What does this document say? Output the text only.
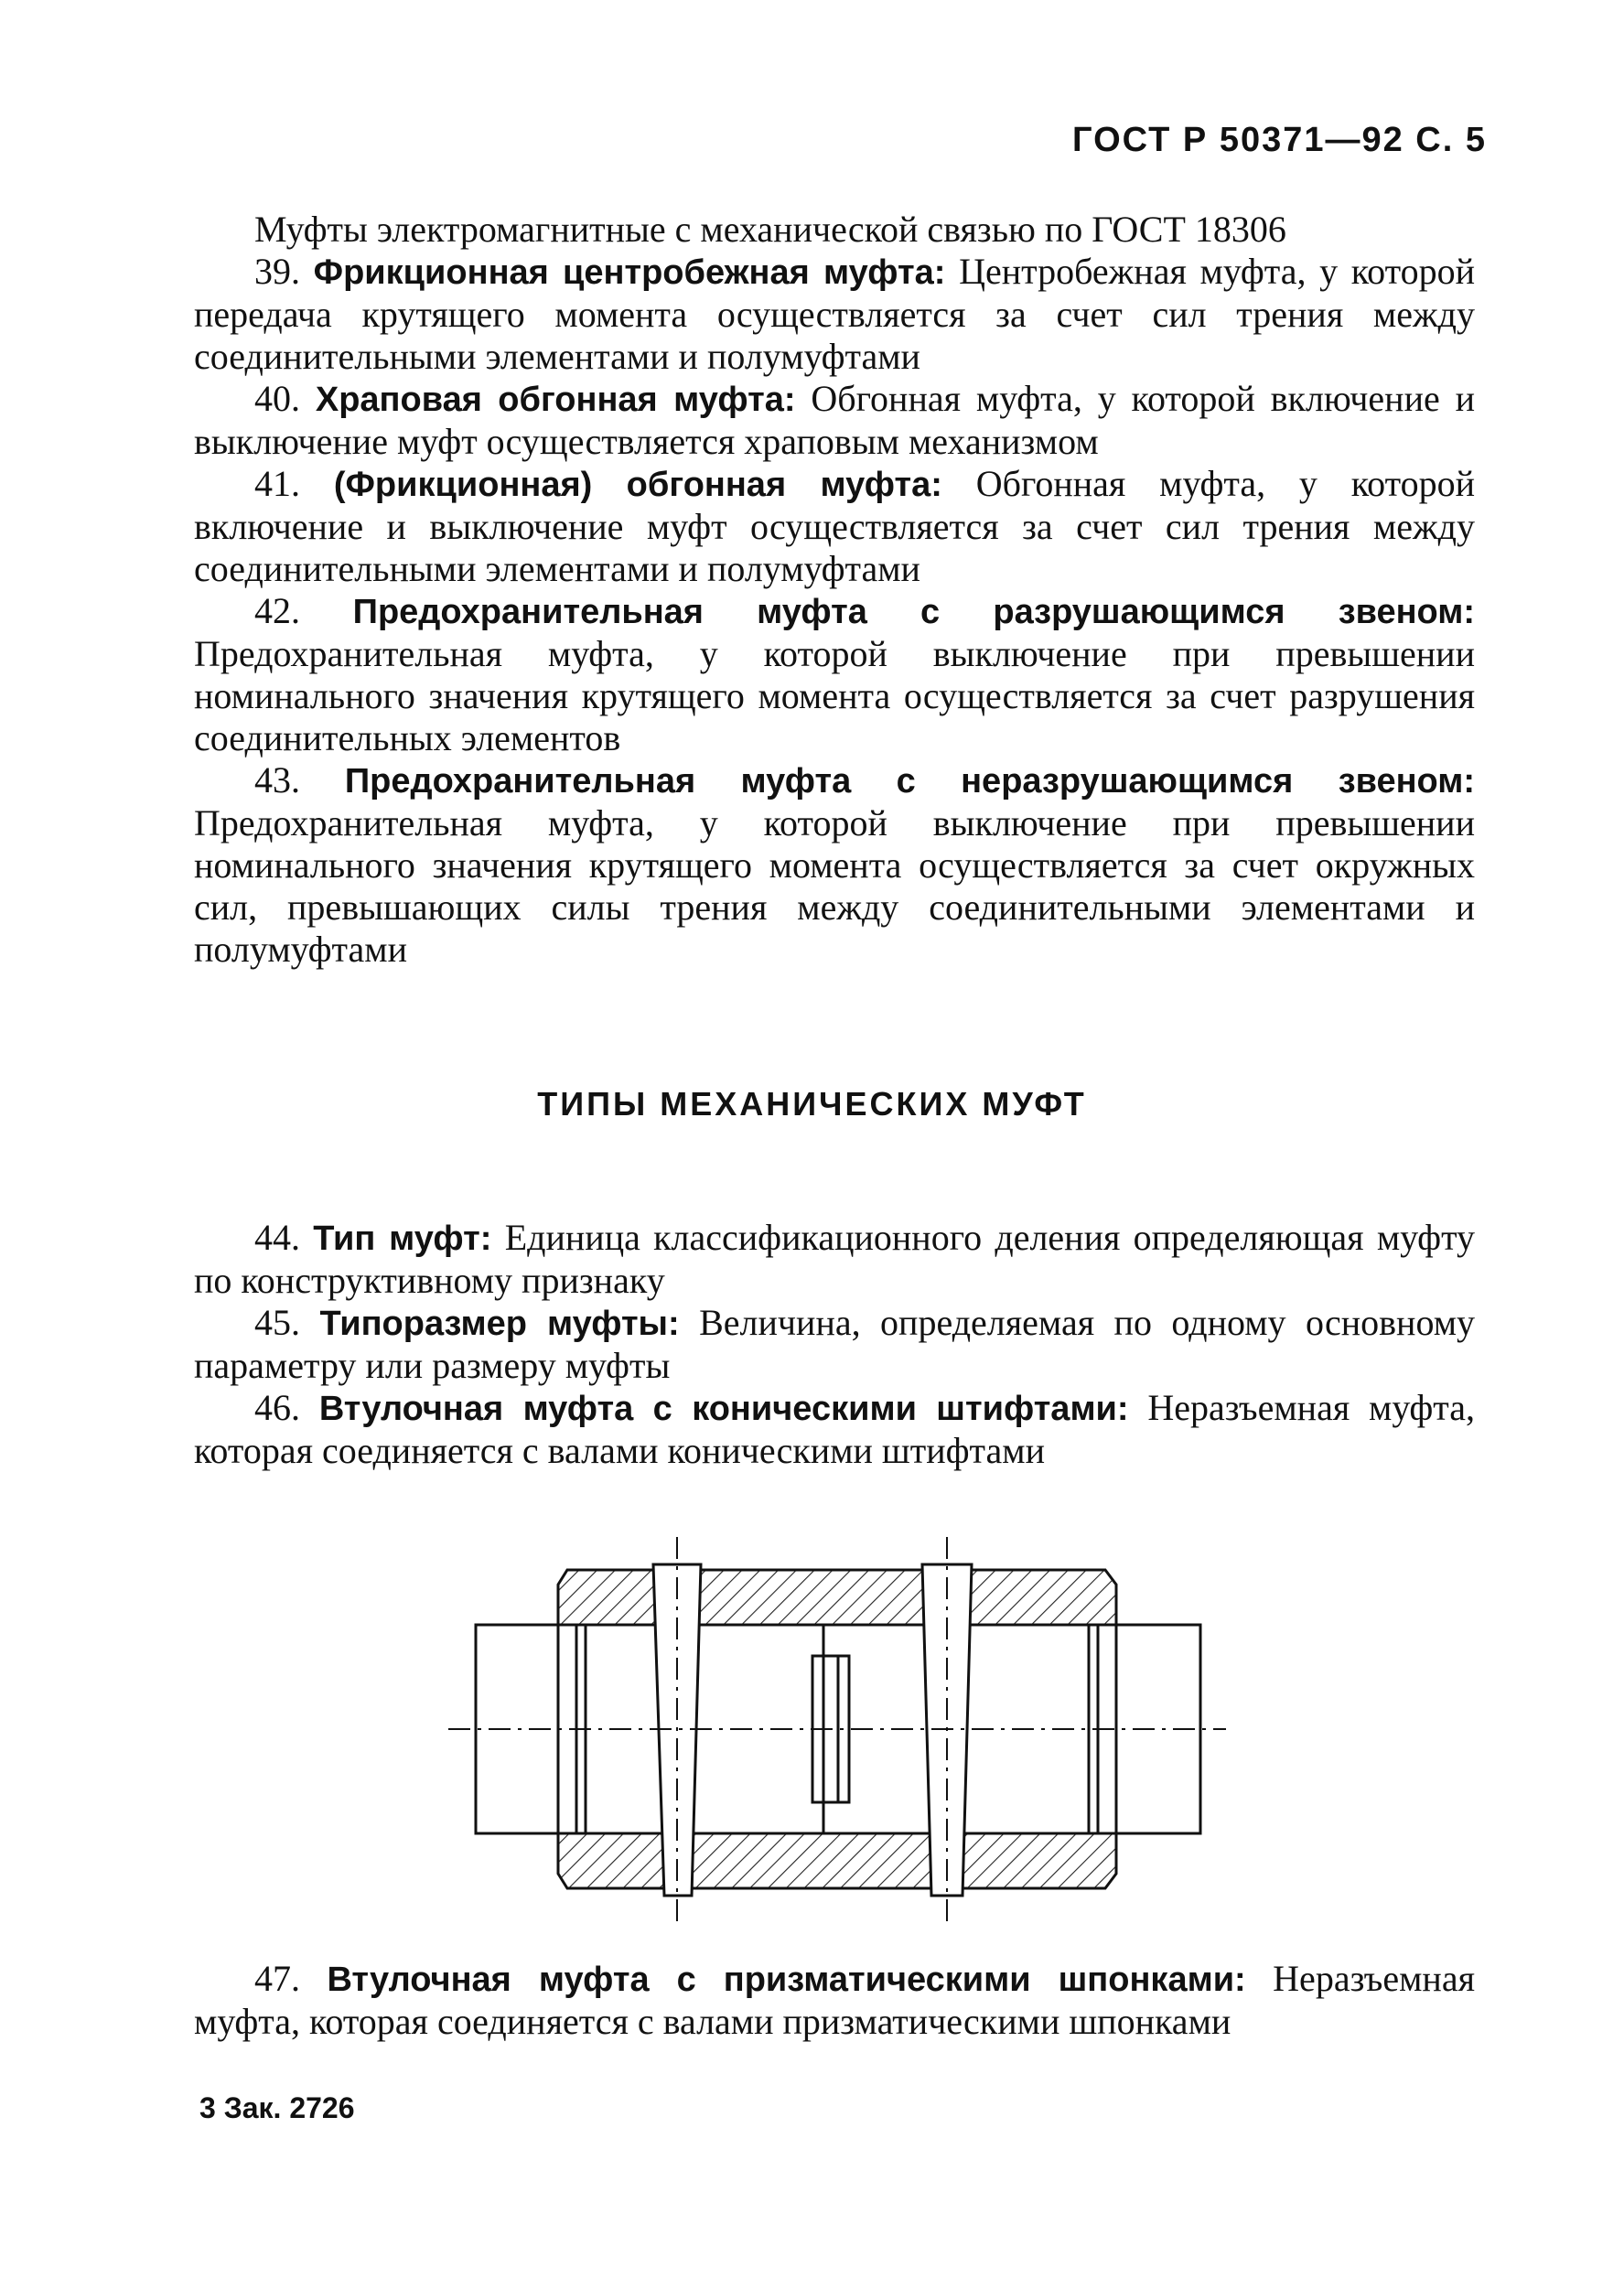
ГОСТ Р 50371—92 С. 5

Муфты электромагнитные с механической связью по ГОСТ 18306

39. Фрикционная центробежная муфта: Центробежная муфта, у которой передача крутящего момента осуществляется за счет сил трения между соединительными элементами и полумуфтами

40. Храповая обгонная муфта: Обгонная муфта, у которой включение и выключение муфт осуществляется храповым механизмом

41. (Фрикционная) обгонная муфта: Обгонная муфта, у которой включение и выключение муфт осуществляется за счет сил трения между соединительными элементами и полумуфтами

42. Предохранительная муфта с разрушающимся звеном: Предохранительная муфта, у которой выключение при превышении номинального значения крутящего момента осуществляется за счет разрушения соединительных элементов

43. Предохранительная муфта с неразрушающимся звеном: Предохранительная муфта, у которой выключение при превышении номинального значения крутящего момента осуществляется за счет окружных сил, превышающих силы трения между соединительными элементами и полумуфтами

ТИПЫ МЕХАНИЧЕСКИХ МУФТ

44. Тип муфт: Единица классификационного деления определяющая муфту по конструктивному признаку

45. Типоразмер муфты: Величина, определяемая по одному основному параметру или размеру муфты

46. Втулочная муфта с коническими штифтами: Неразъемная муфта, которая соединяется с валами коническими штифтами

47. Втулочная муфта с призматическими шпонками: Неразъемная муфта, которая соединяется с валами призматическими шпонками

3 Зак. 2726
